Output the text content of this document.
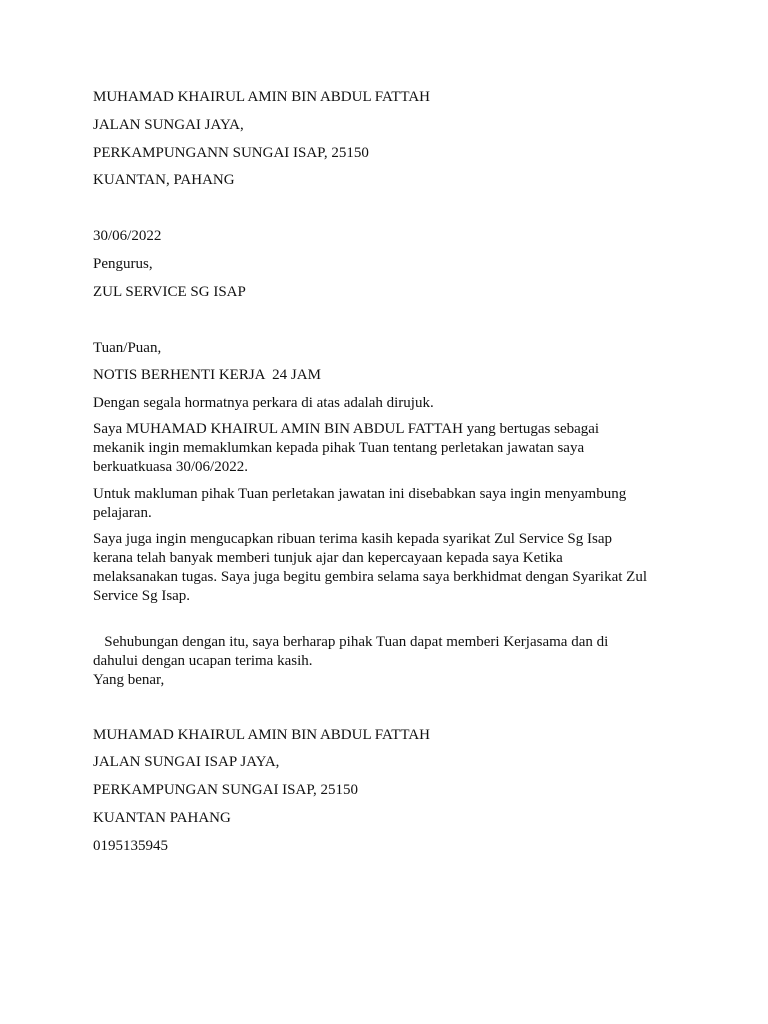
MUHAMAD KHAIRUL AMIN BIN ABDUL FATTAH
JALAN SUNGAI JAYA,
PERKAMPUNGANN SUNGAI ISAP, 25150
KUANTAN, PAHANG
30/06/2022
Pengurus,
ZUL SERVICE SG ISAP
Tuan/Puan,
NOTIS BERHENTI KERJA  24 JAM
Dengan segala hormatnya perkara di atas adalah dirujuk.

Saya MUHAMAD KHAIRUL AMIN BIN ABDUL FATTAH yang bertugas sebagai mekanik ingin memaklumkan kepada pihak Tuan tentang perletakan jawatan saya berkuatkuasa 30/06/2022.

Untuk makluman pihak Tuan perletakan jawatan ini disebabkan saya ingin menyambung pelajaran.

Saya juga ingin mengucapkan ribuan terima kasih kepada syarikat Zul Service Sg Isap kerana telah banyak memberi tunjuk ajar dan kepercayaan kepada saya Ketika melaksanakan tugas. Saya juga begitu gembira selama saya berkhidmat dengan Syarikat Zul Service Sg Isap.

Sehubungan dengan itu, saya berharap pihak Tuan dapat memberi Kerjasama dan di dahului dengan ucapan terima kasih.

Yang benar,
MUHAMAD KHAIRUL AMIN BIN ABDUL FATTAH
JALAN SUNGAI ISAP JAYA,
PERKAMPUNGAN SUNGAI ISAP, 25150
KUANTAN PAHANG
0195135945
